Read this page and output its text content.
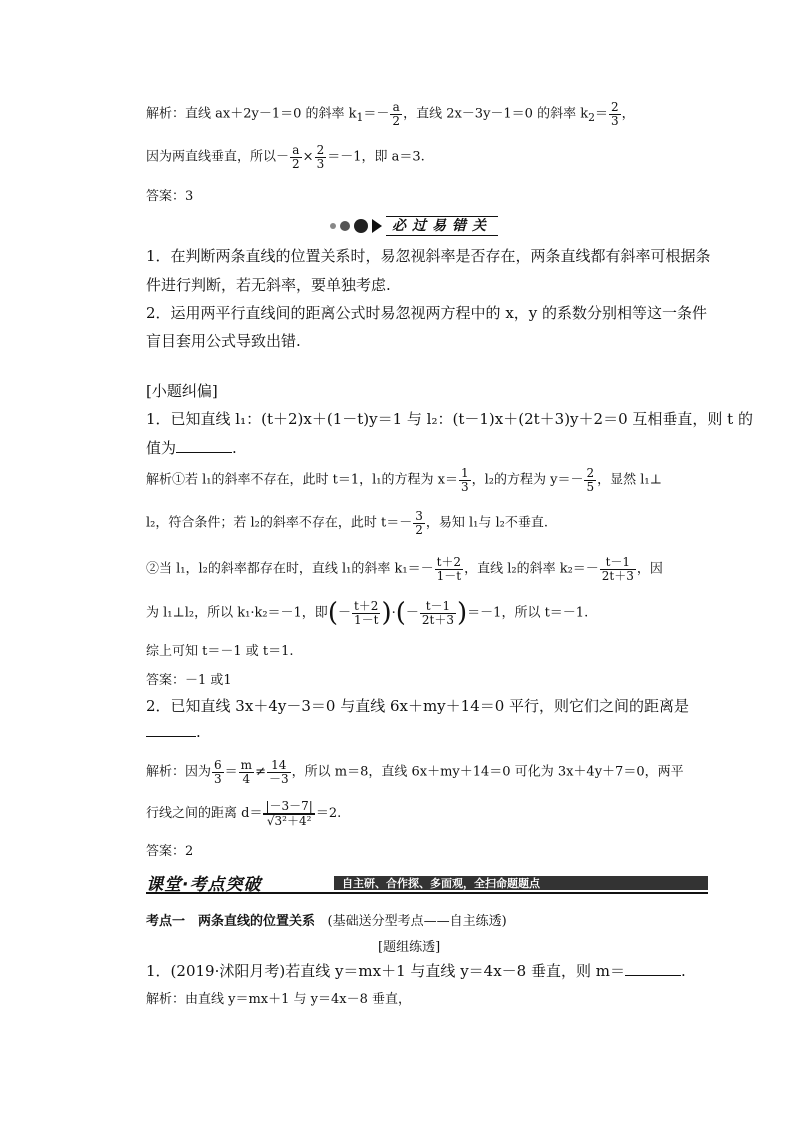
解析：直线 ax＋2y－1＝0 的斜率 $k_1=- \frac{a}{2}$ ，直线 2x－3y－1＝0 的斜率 $k_2= \frac{2}{3}$ ，
因为两直线垂直，所以－ $\frac{a}{2} \times \frac{2}{3} =-1$，即 a＝3.
答案：3
必过易错关
1．在判断两条直线的位置关系时，易忽视斜率是否存在，两条直线都有斜率可根据条
件进行判断，若无斜率，要单独考虑.
2．运用两平行直线间的距离公式时易忽视两方程中的 x，y 的系数分别相等这一条件
盲目套用公式导致出错.
[小题纠偏]
1．已知直线 l₁：(t＋2)x＋(1－t)y＝1 与 l₂：(t－1)x＋(2t＋3)y＋2＝0 互相垂直，则 t 的
值为	.
解析①若 l₁的斜率不存在，此时 t＝1，l₁的方程为 $x= \frac{1}{3}$ ，l₂的方程为 $y=- \frac{2}{5}$ ，显然 l₁⊥
l₂，符合条件；若 l₂的斜率不存在，此时 $t=- \frac{3}{2}$ ，易知 l₁与 l₂不垂直.
②当 l₁，l₂的斜率都存在时，直线 l₁的斜率 $k_1=- \frac{t+2}{1-t}$ ，直线 l₂的斜率 $k_2=- \frac{t-1}{2t+3}$ ，因
为 l₁⊥l₂，所以 k₁·k₂＝－1，即(－ $\frac{t+2}{1-t}$ )·(－ $\frac{t-1}{2t+3} )=-1$，所以 t＝－1.
综上可知 t＝－1 或 t＝1.
答案：－1 或1
2．已知直线 3x＋4y－3＝0 与直线 6x＋my＋14＝0 平行，则它们之间的距离是
.
解析：因为 $\frac{6}{3} = \frac{m}{4} \ne \frac{14}{-3}$ ，所以 m＝8，直线 6x＋my＋14＝0 可化为 3x＋4y＋7＝0，两平
行线之间的距离 $d= \frac{|-3-7|}{\text{√3²＋4²}} =2$.
答案：2
课堂·考点突破	自主研、合作探、多面观，全扫命题题点
考点一　两条直线的位置关系 (基础送分型考点——自主练透)
[题组练透]
1．(2019·沭阳月考)若直线 y＝mx＋1 与直线 y＝4x－8 垂直，则 m＝	.
解析：由直线 y＝mx＋1 与 y＝4x－8 垂直，
